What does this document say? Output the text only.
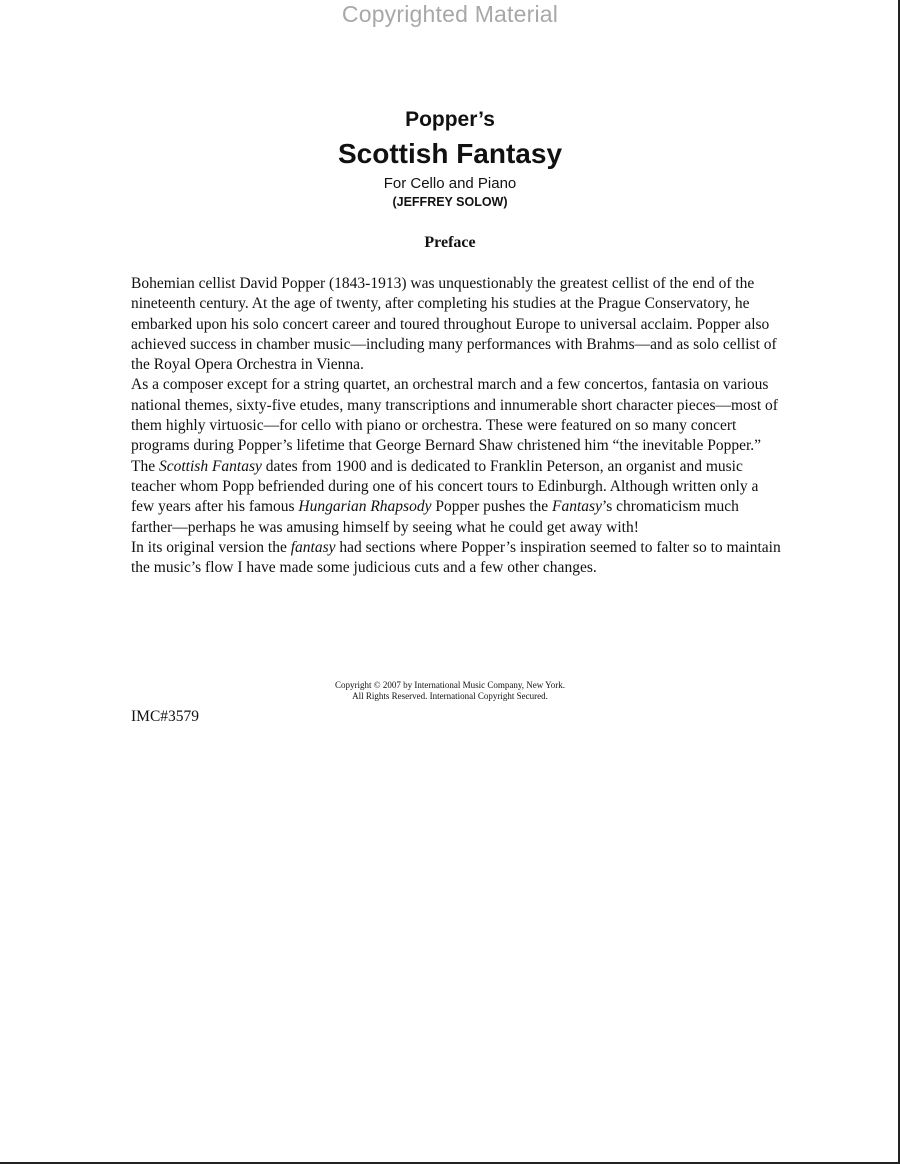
Copyrighted Material
Popper’s
Scottish Fantasy
For Cello and Piano
(JEFFREY SOLOW)
Preface

Bohemian cellist David Popper (1843-1913) was unquestionably the greatest cellist of the end of the nineteenth century. At the age of twenty, after completing his studies at the Prague Conservatory, he embarked upon his solo concert career and toured throughout Europe to universal acclaim. Popper also achieved success in chamber music—including many performances with Brahms—and as solo cellist of the Royal Opera Orchestra in Vienna.

As a composer except for a string quartet, an orchestral march and a few concertos, fantasia on various national themes, sixty-five etudes, many transcriptions and innumerable short character pieces—most of them highly virtuosic—for cello with piano or orchestra. These were featured on so many concert programs during Popper’s lifetime that George Bernard Shaw christened him “the inevitable Popper.”

The Scottish Fantasy dates from 1900 and is dedicated to Franklin Peterson, an organist and music teacher whom Popp befriended during one of his concert tours to Edinburgh. Although written only a few years after his famous Hungarian Rhapsody Popper pushes the Fantasy’s chromaticism much farther—perhaps he was amusing himself by seeing what he could get away with!

In its original version the fantasy had sections where Popper’s inspiration seemed to falter so to maintain the music’s flow I have made some judicious cuts and a few other changes.

Copyright © 2007 by International Music Company, New York.
All Rights Reserved. International Copyright Secured.
IMC#3579
